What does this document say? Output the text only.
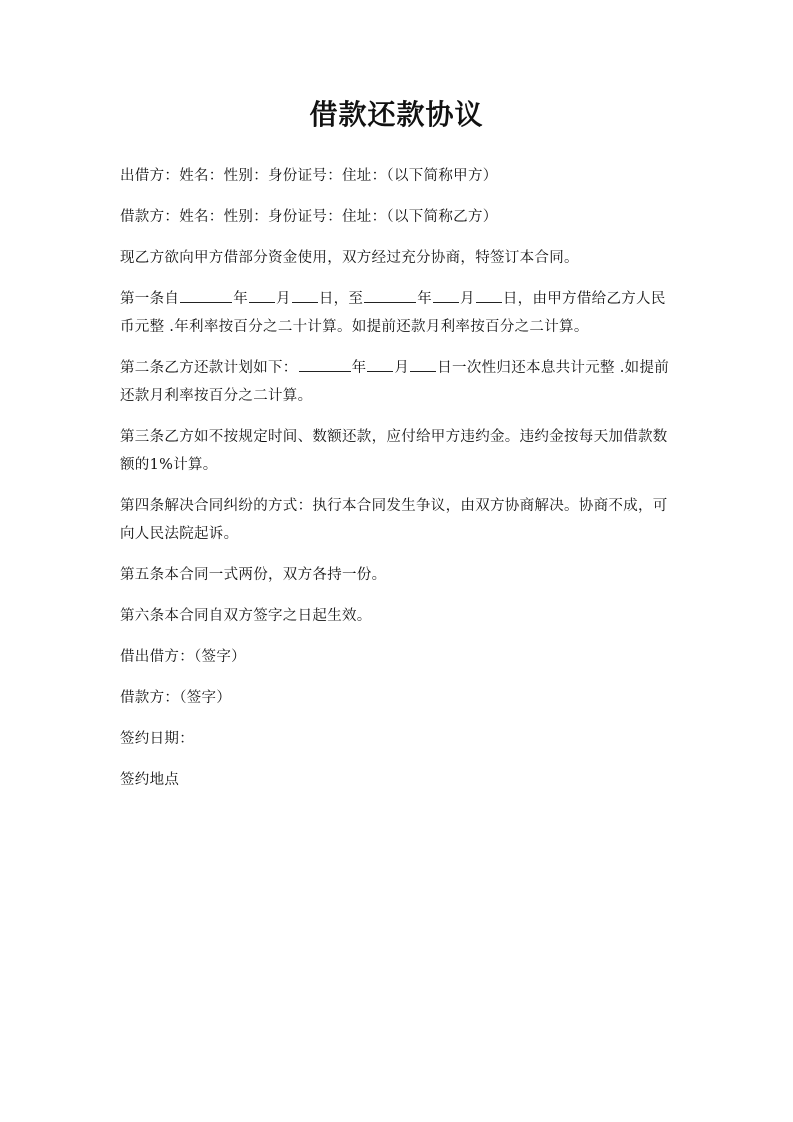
借款还款协议

出借方：姓名：性别：身份证号：住址：（以下简称甲方）

借款方：姓名：性别：身份证号：住址：（以下简称乙方）

现乙方欲向甲方借部分资金使用，双方经过充分协商，特签订本合同。

第一条自	年 月 日，至	年 月 日，由甲方借给乙方人民币元整 .年利率按百分之二十计算。如提前还款月利率按百分之二计算。

第二条乙方还款计划如下：	年 月 日一次性归还本息共计元整 .如提前还款月利率按百分之二计算。

第三条乙方如不按规定时间、数额还款，应付给甲方违约金。违约金按每天加借款数额的1%计算。

第四条解决合同纠纷的方式：执行本合同发生争议，由双方协商解决。协商不成，可向人民法院起诉。

第五条本合同一式两份，双方各持一份。

第六条本合同自双方签字之日起生效。

借出借方：（签字）

借款方：（签字）

签约日期：

签约地点
